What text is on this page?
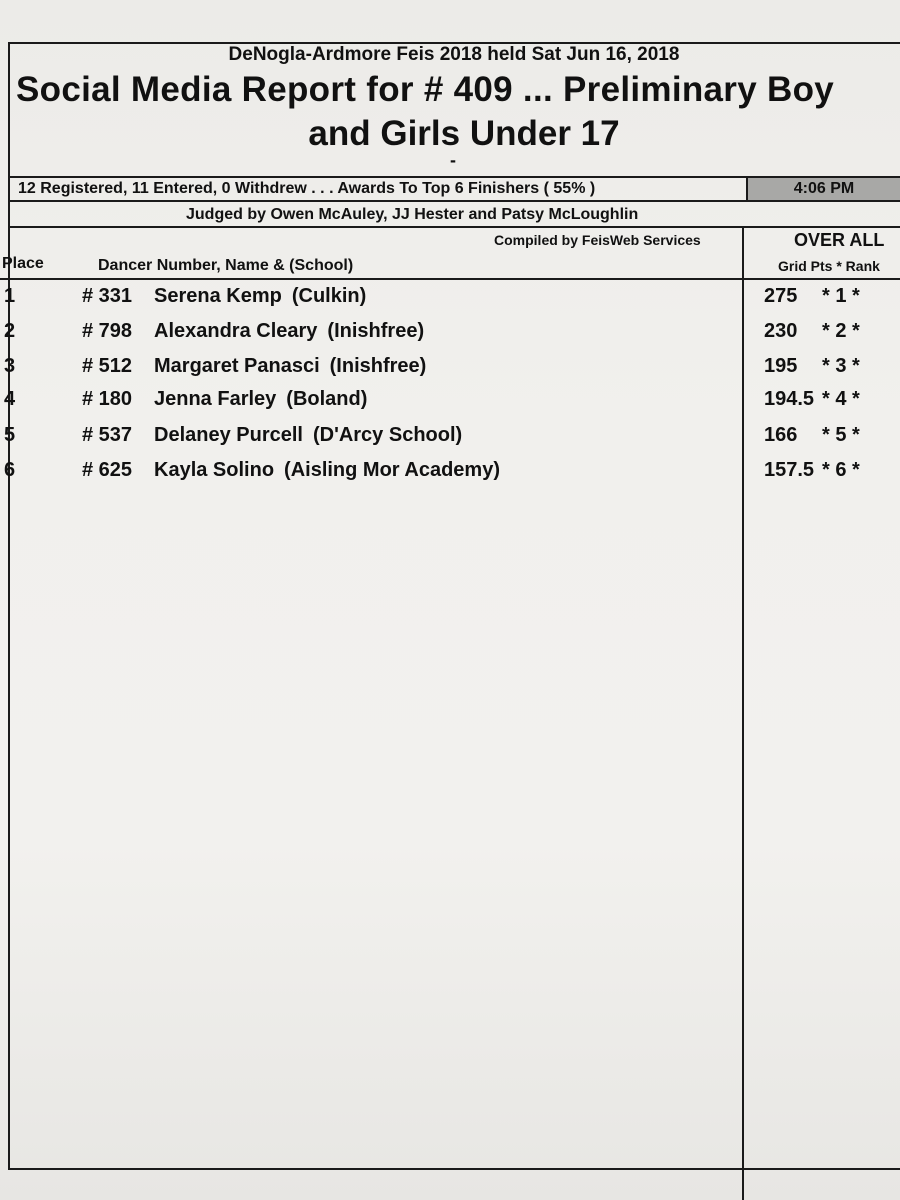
DeNogla-Ardmore Feis 2018 held Sat Jun 16, 2018
Social Media Report for # 409 ... Preliminary Boy
and Girls Under 17
-
12 Registered, 11 Entered, 0 Withdrew . . . Awards To Top 6 Finishers ( 55% )	4:06 PM
Judged by Owen McAuley, JJ Hester and Patsy McLoughlin
Compiled by FeisWeb Services	OVER ALL
Place	Dancer Number, Name & (School)	Grid Pts * Rank
1	# 331 Serena Kemp (Culkin)	275 * 1 *
2	# 798 Alexandra Cleary (Inishfree)	230 * 2 *
3	# 512 Margaret Panasci (Inishfree)	195 * 3 *
4	# 180 Jenna Farley (Boland)	194.5 * 4 *
5	# 537 Delaney Purcell (D'Arcy School)	166 * 5 *
6	# 625 Kayla Solino (Aisling Mor Academy)	157.5 * 6 *
